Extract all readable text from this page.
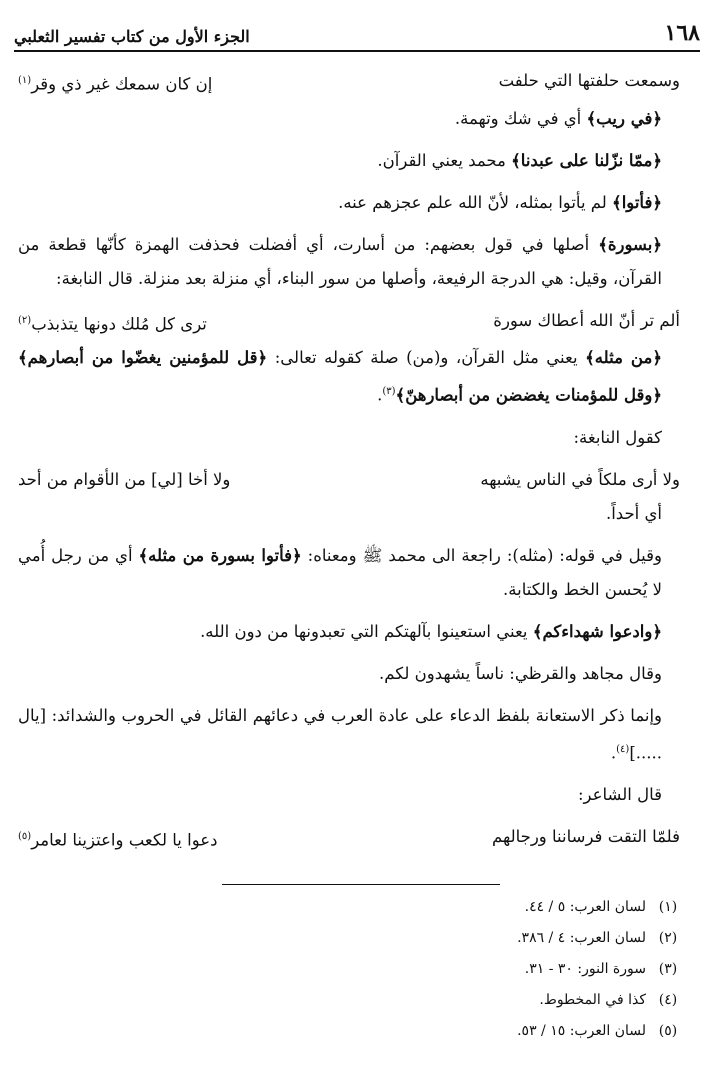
١٦٨
الجزء الأول من كتاب تفسير الثعلبي
وسمعت حلفتها التي حلفت
إن كان سمعك غير ذي وقر$^{(١)}$

﴿في ريب﴾ أي في شك وتهمة.

﴿ممّا نزّلنا على عبدنا﴾ محمد يعني القرآن.

﴿فأتوا﴾ لم يأتوا بمثله، لأنّ الله علم عجزهم عنه.

﴿بسورة﴾ أصلها في قول بعضهم: من أسارت، أي أفضلت فحذفت الهمزة كأنّها قطعة من القرآن، وقيل: هي الدرجة الرفيعة، وأصلها من سور البناء، أي منزلة بعد منزلة. قال النابغة:

ألم تر أنّ الله أعطاك سورة
ترى كل مُلك دونها يتذبذب$^{(٢)}$

﴿من مثله﴾ يعني مثل القرآن، و(من) صلة كقوله تعالى: ﴿قل للمؤمنين يغضّوا من أبصارهم﴾ ﴿وقل للمؤمنات يغضضن من أبصارهنّ﴾$^{(٣)}$.

كقول النابغة:

ولا أرى ملكاً في الناس يشبهه
ولا أخا [لي] من الأقوام من أحد

أي أحداً.

وقيل في قوله: (مثله): راجعة الى محمد ﷺ ومعناه: ﴿فأتوا بسورة من مثله﴾ أي من رجل أُمي لا يُحسن الخط والكتابة.

﴿وادعوا شهداءكم﴾ يعني استعينوا بآلهتكم التي تعبدونها من دون الله.

وقال مجاهد والقرظي: ناساً يشهدون لكم.

وإنما ذكر الاستعانة بلفظ الدعاء على عادة العرب في دعائهم القائل في الحروب والشدائد: [يال .....]$^{(٤)}$.

قال الشاعر:

فلمّا التقت فرساننا ورجالهم
دعوا يا لكعب واعتزينا لعامر$^{(٥)}$
(١)
لسان العرب: ٥ / ٤٤.
(٢)
لسان العرب: ٤ / ٣٨٦.
(٣)
سورة النور: ٣٠ - ٣١.
(٤)
كذا في المخطوط.
(٥)
لسان العرب: ١٥ / ٥٣.
